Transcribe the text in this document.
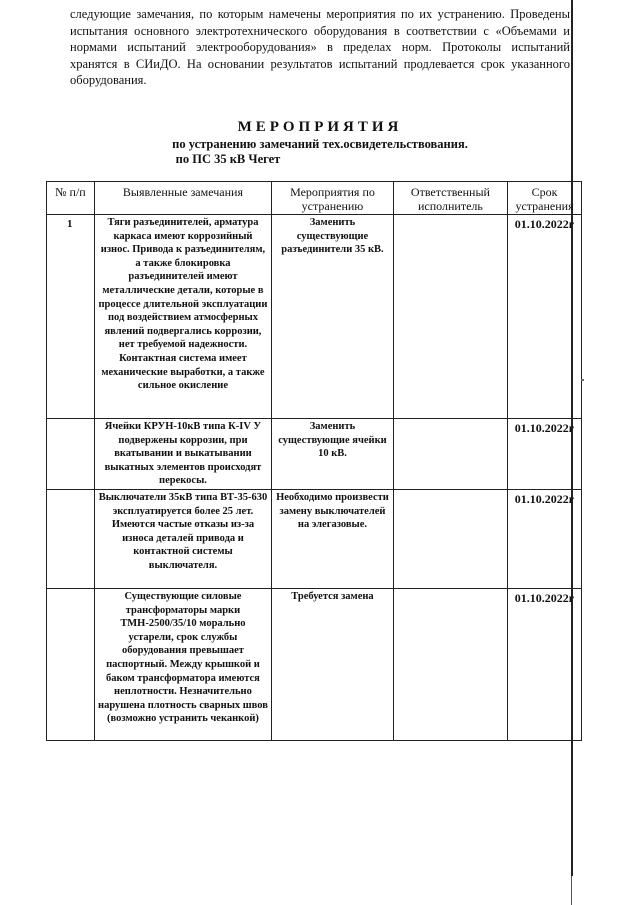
следующие замечания, по которым намечены мероприятия по их устранению. Проведены испытания основного электротехнического оборудования в соответствии с «Объемами и нормами испытаний электрооборудования» в пределах норм. Протоколы испытаний хранятся в СИиДО. На основании результатов испытаний продлевается срок указанного оборудования.
МЕРОПРИЯТИЯ
по устранению замечаний тех.освидетельствования.
по ПС 35 кВ Чегет
№ п/п	Выявленные замечания	Мероприятия по устранению	Ответственный исполнитель	Срок устранения
1	Тяги разъединителей, арматура каркаса имеют коррозийный износ. Привода к разъединителям, а также блокировка разъединителей имеют металлические детали, которые в процессе длительной эксплуатации под воздействием атмосферных явлений подвергались коррозии, нет требуемой надежности. Контактная система имеет механические выработки, а также сильное окисление	Заменить существующие разъединители 35 кВ.		01.10.2022г
	Ячейки КРУН-10кВ типа К-IV У подвержены коррозии, при вкатывании и выкатывании выкатных элементов происходят перекосы.	Заменить существующие ячейки 10 кВ.		01.10.2022г
	Выключатели 35кВ типа ВТ-35-630 эксплуатируется более 25 лет. Имеются частые отказы из-за износа деталей привода и контактной системы выключателя.	Необходимо произвести замену выключателей на элегазовые.		01.10.2022г
	Существующие силовые трансформаторы марки ТМН-2500/35/10 морально устарели, срок службы оборудования превышает паспортный. Между крышкой и баком трансформатора имеются неплотности. Незначительно нарушена плотность сварных швов (возможно устранить чеканкой)	Требуется замена		01.10.2022г
